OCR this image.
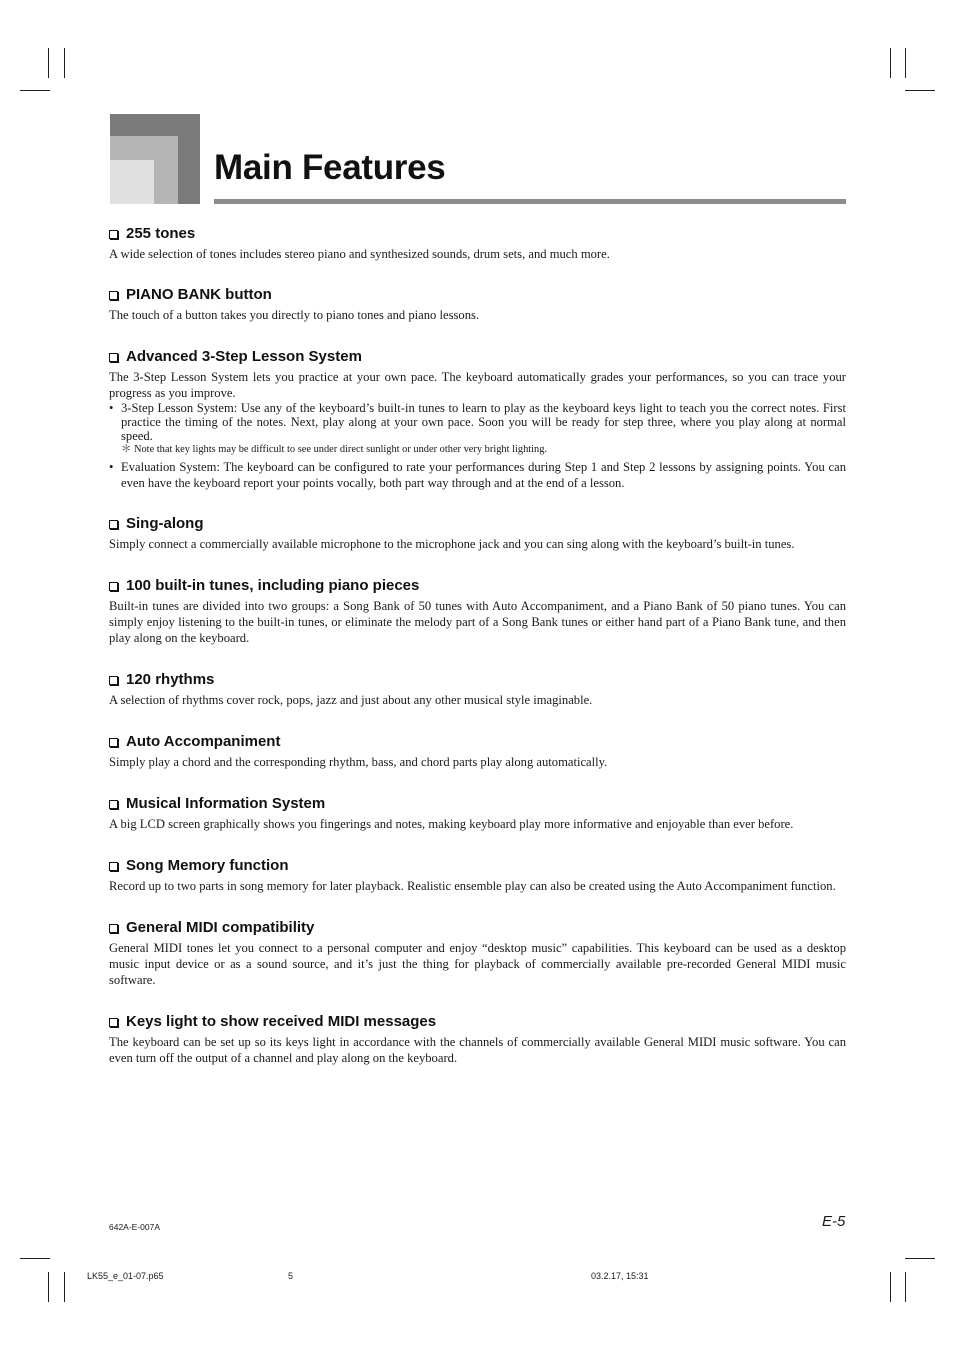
Main Features
255 tones

A wide selection of tones includes stereo piano and synthesized sounds, drum sets, and much more.

PIANO BANK button

The touch of a button takes you directly to piano tones and piano lessons.

Advanced 3-Step Lesson System

The 3-Step Lesson System lets you practice at your own pace. The keyboard automatically grades your performances, so you can trace your progress as you improve.

• 3-Step Lesson System: Use any of the keyboard’s built-in tunes to learn to play as the keyboard keys light to teach you the correct notes. First practice the timing of the notes. Next, play along at your own pace. Soon you will be ready for step three, where you play along at normal speed.

＊ Note that key lights may be difficult to see under direct sunlight or under other very bright lighting.

• Evaluation System: The keyboard can be configured to rate your performances during Step 1 and Step 2 lessons by assigning points. You can even have the keyboard report your points vocally, both part way through and at the end of a lesson.
Sing-along

Simply connect a commercially available microphone to the microphone jack and you can sing along with the keyboard’s built-in tunes.

100 built-in tunes, including piano pieces

Built-in tunes are divided into two groups: a Song Bank of 50 tunes with Auto Accompaniment, and a Piano Bank of 50 piano tunes. You can simply enjoy listening to the built-in tunes, or eliminate the melody part of a Song Bank tunes or either hand part of a Piano Bank tune, and then play along on the keyboard.

120 rhythms

A selection of rhythms cover rock, pops, jazz and just about any other musical style imaginable.

Auto Accompaniment

Simply play a chord and the corresponding rhythm, bass, and chord parts play along automatically.

Musical Information System

A big LCD screen graphically shows you fingerings and notes, making keyboard play more informative and enjoyable than ever before.

Song Memory function

Record up to two parts in song memory for later playback. Realistic ensemble play can also be created using the Auto Accompaniment function.

General MIDI compatibility

General MIDI tones let you connect to a personal computer and enjoy “desktop music” capabilities. This keyboard can be used as a desktop music input device or as a sound source, and it’s just the thing for playback of commercially available pre-recorded General MIDI music software.

Keys light to show received MIDI messages

The keyboard can be set up so its keys light in accordance with the channels of commercially available General MIDI music software. You can even turn off the output of a channel and play along on the keyboard.

642A-E-007A	E-5
LK55_e_01-07.p65	5	03.2.17, 15:31
